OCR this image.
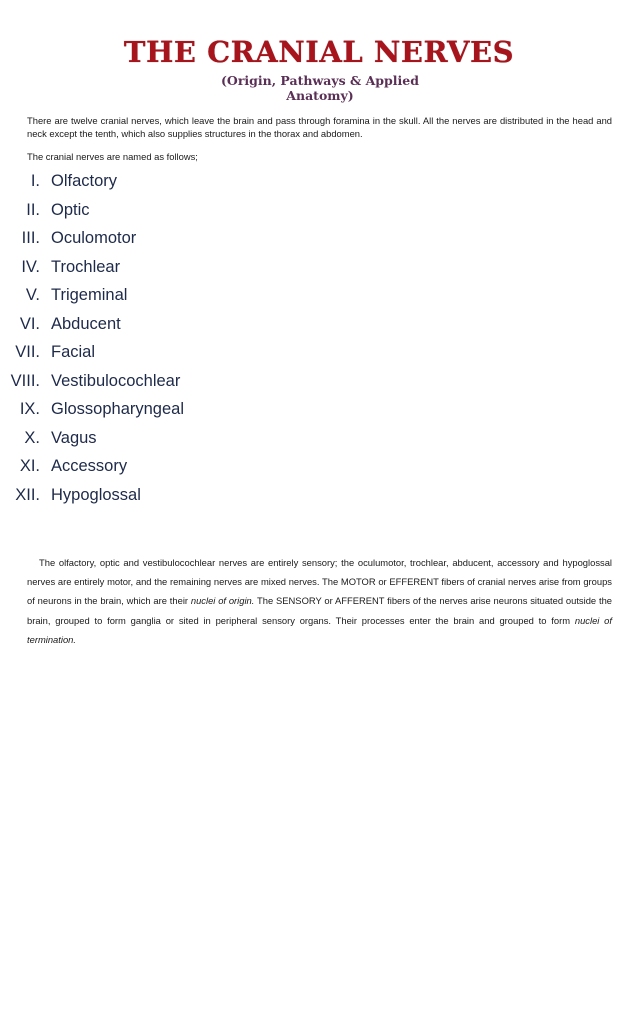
THE CRANIAL NERVES
(Origin, Pathways & Applied Anatomy)

There are twelve cranial nerves, which leave the brain and pass through foramina in the skull. All the nerves are distributed in the head and neck except the tenth, which also supplies structures in the thorax and abdomen.

The cranial nerves are named as follows;

I. Olfactory
II. Optic
III. Oculomotor
IV. Trochlear
V. Trigeminal
VI. Abducent
VII. Facial
VIII. Vestibulocochlear
IX. Glossopharyngeal
X. Vagus
XI. Accessory
XII. Hypoglossal

The olfactory, optic and vestibulocochlear nerves are entirely sensory; the oculumotor, trochlear, abducent, accessory and hypoglossal nerves are entirely motor, and the remaining nerves are mixed nerves. The MOTOR or EFFERENT fibers of cranial nerves arise from groups of neurons in the brain, which are their nuclei of origin. The SENSORY or AFFERENT fibers of the nerves arise neurons situated outside the brain, grouped to form ganglia or sited in peripheral sensory organs. Their processes enter the brain and grouped to form nuclei of termination.
